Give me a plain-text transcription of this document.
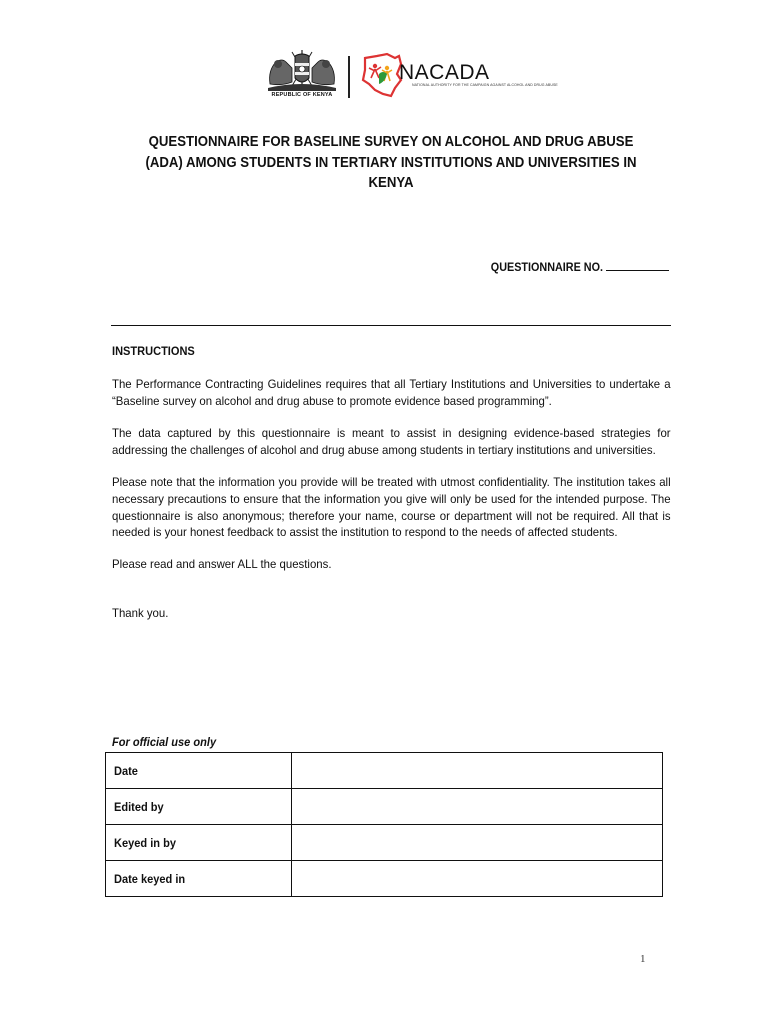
REPUBLIC OF KENYA
NACADA
NATIONAL AUTHORITY FOR THE CAMPAIGN AGAINST ALCOHOL AND DRUG ABUSE
QUESTIONNAIRE FOR BASELINE SURVEY ON ALCOHOL AND DRUG ABUSE (ADA) AMONG STUDENTS IN TERTIARY INSTITUTIONS AND UNIVERSITIES IN KENYA
QUESTIONNAIRE NO.
INSTRUCTIONS
The Performance Contracting Guidelines requires that all Tertiary Institutions and Universities to undertake a “Baseline survey on alcohol and drug abuse to promote evidence based programming”.
The data captured by this questionnaire is meant to assist in designing evidence-based strategies for addressing the challenges of alcohol and drug abuse among students in tertiary institutions and universities.
Please note that the information you provide will be treated with utmost confidentiality. The institution takes all necessary precautions to ensure that the information you give will only be used for the intended purpose. The questionnaire is also anonymous; therefore your name, course or department will not be required. All that is needed is your honest feedback to assist the institution to respond to the needs of affected students.
Please read and answer ALL the questions.
Thank you.
For official use only
Date	
Edited by	
Keyed in by	
Date keyed in	
1
